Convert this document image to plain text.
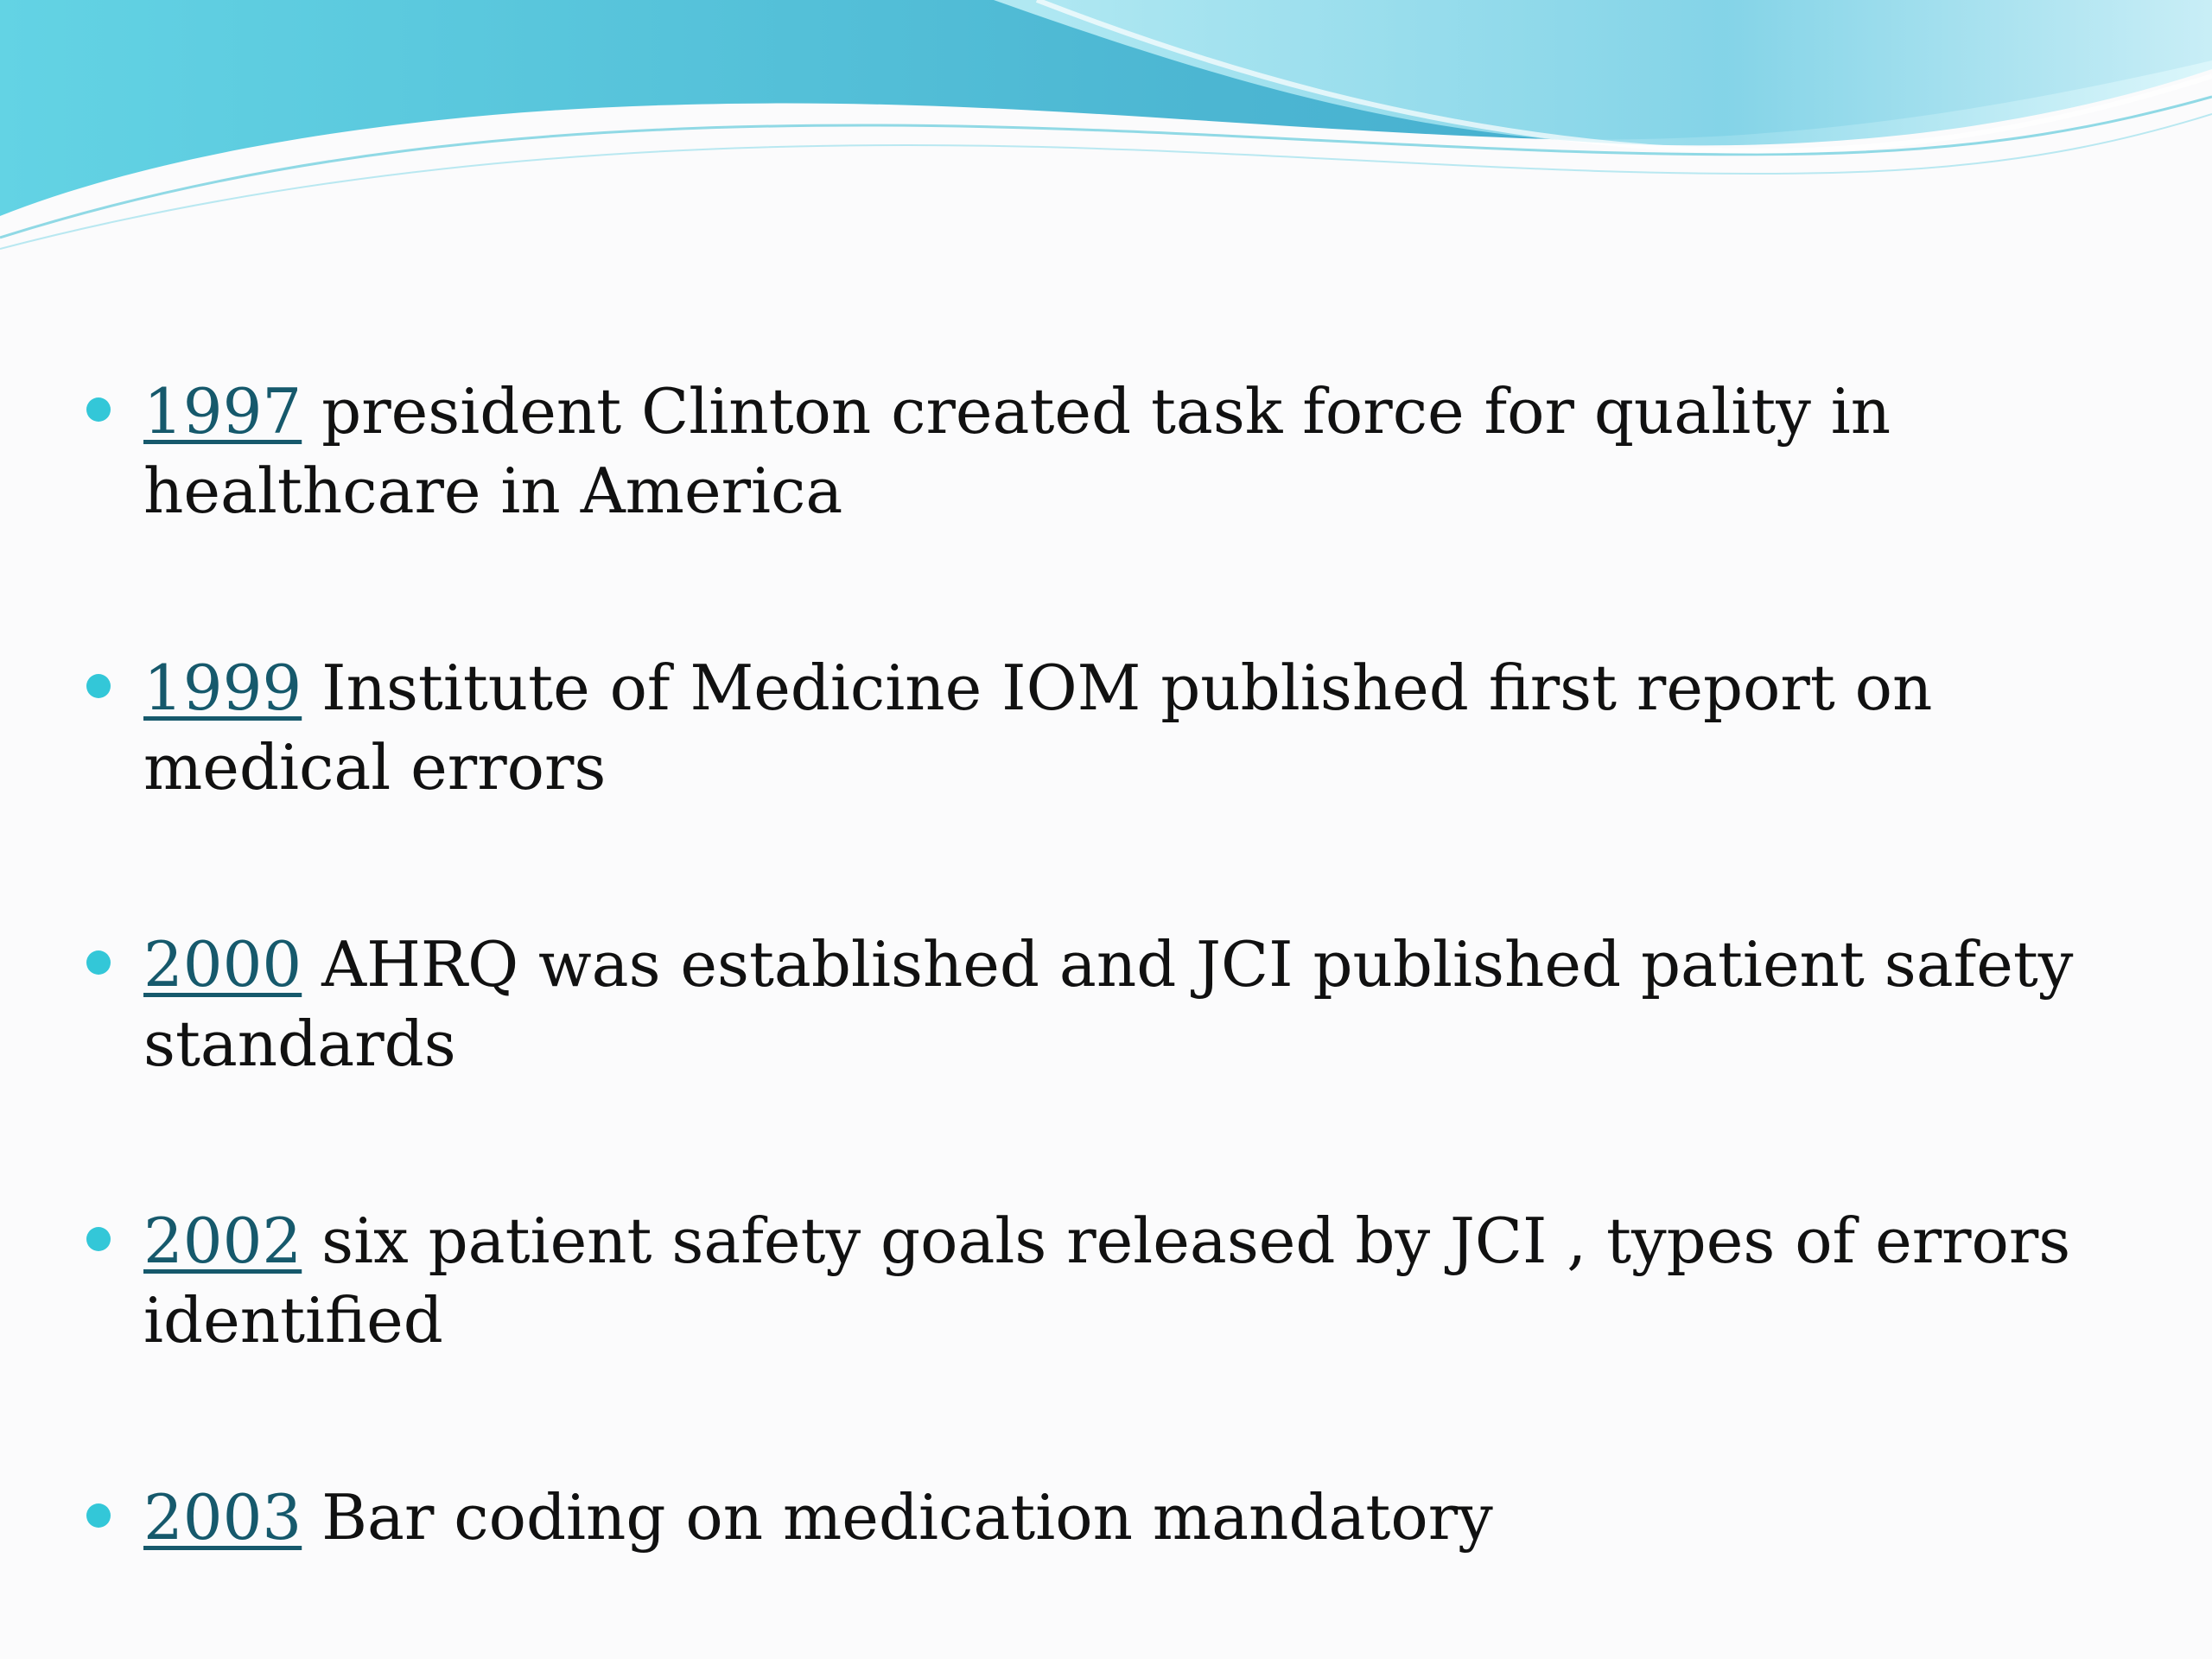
1997 president Clinton created task force for quality in healthcare in America
1999 Institute of Medicine IOM published first report on medical errors
2000 AHRQ was established and JCI published patient safety standards
2002 six patient safety goals released by JCI , types of errors identified
2003 Bar coding on medication mandatory
